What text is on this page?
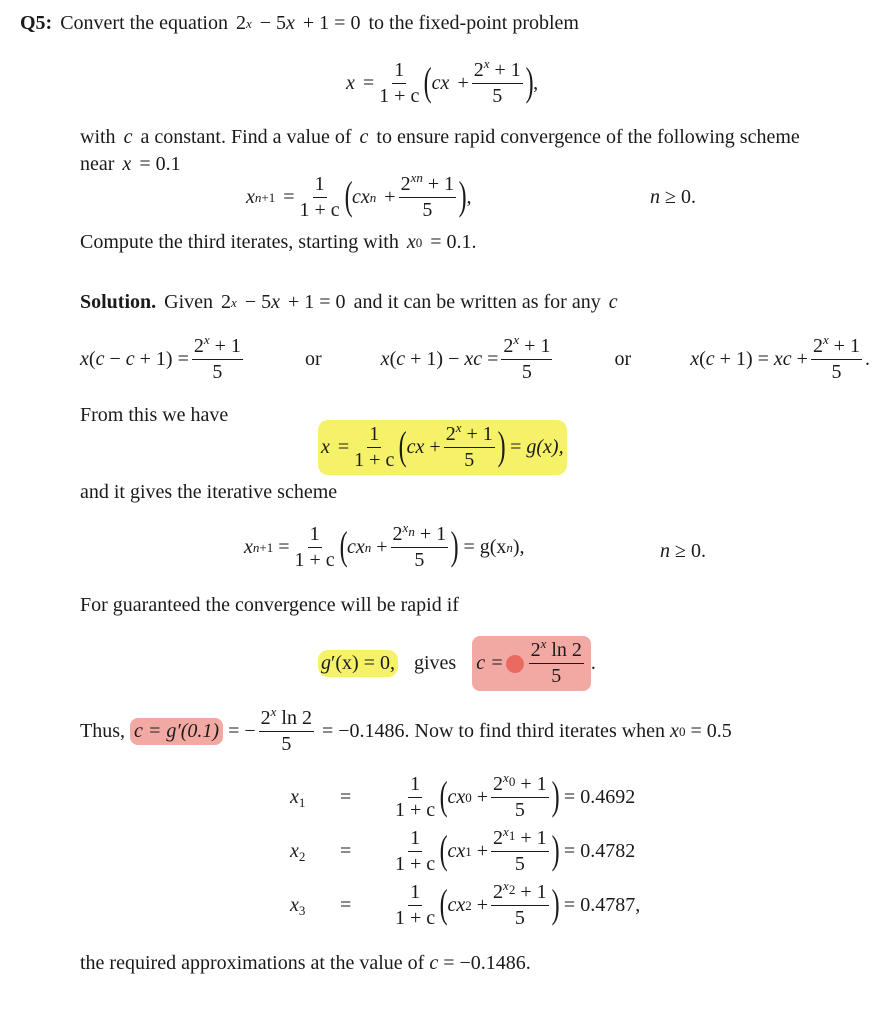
Q5: Convert the equation 2 x − 5 x + 1 = 0 to the fixed-point problem
$x = \frac{1}{1 + c}$ ( c $x + \frac{2^x + 1}{5}$ ) ,
with c a constant. Find a value of c to ensure rapid convergence of the following scheme
near x = 0.1
x $n+1 = \frac{1}{1 + c}$ ( c x $n + \frac{2^{xn} + 1}{5}$ ) ,	n
≥ 0.
Compute the third iterates, starting with x 0 = 0.1.
Solution. Given 2 x − 5 x + 1 = 0 and it can be written as for any c
x ( $c - c + 1) = \frac{2^x + 1}{5}$	or	x ( c + 1) − xc = $\frac{2^x + 1}{5}$	or	x ( c + 1) = xc + $\frac{2^x + 1}{5}$ .
From this we have
$x = \frac{1}{1 + c}$ ( cx
+ $\frac{2^x + 1}{5}$ )
=
g(x),
and it gives the iterative scheme
x $n+1 = \frac{1}{1 + c}$ ( cx $n + \frac{2^{x_n} + 1}{5}$ )
= g(x n ),	n
≥ 0.
For guaranteed the convergence will be rapid if
g′(x) = 0, gives $c = \frac{2^x \ln 2}{5}$ .
Thus,
c = g′(0.1) = − $\frac{2^x \ln 2}{5}$
= −0.1486. Now to find third iterates when
x 0
= 0.5
$x_1$	=	$\frac{1}{1 + c}$ ( cx $0 + \frac{2^{x_0} + 1}{5}$ )
= 0.4692
$x_2$	=	$\frac{1}{1 + c}$ ( cx $1 + \frac{2^{x_1} + 1}{5}$ )
= 0.4782
$x_3$	=	$\frac{1}{1 + c}$ ( cx $2 + \frac{2^{x_2} + 1}{5}$ )
= 0.4787,
the required approximations at the value of
c
= −0.1486.
